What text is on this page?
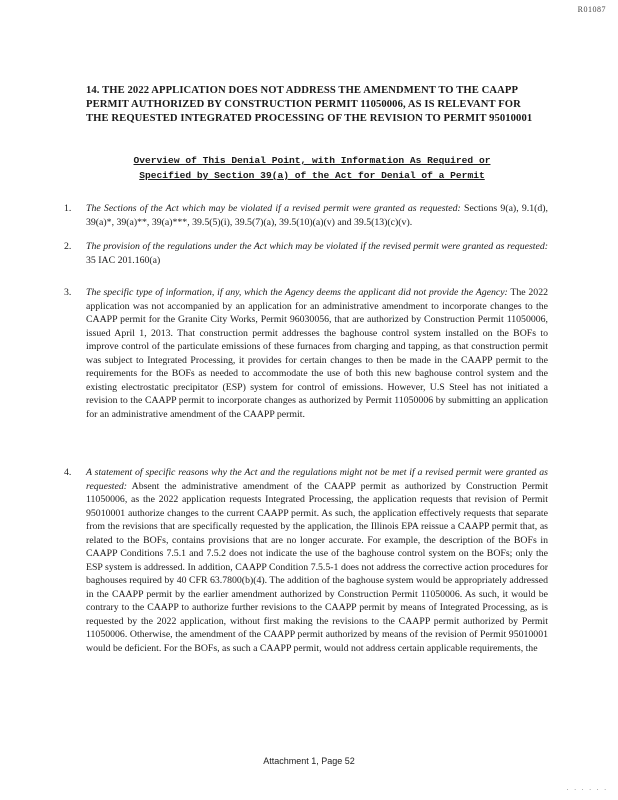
R01087
14. THE 2022 APPLICATION DOES NOT ADDRESS THE AMENDMENT TO THE CAAPP PERMIT AUTHORIZED BY CONSTRUCTION PERMIT 11050006, AS IS RELEVANT FOR THE REQUESTED INTEGRATED PROCESSING OF THE REVISION TO PERMIT 95010001
Overview of This Denial Point, with Information As Required or
Specified by Section 39(a) of the Act for Denial of a Permit
1. The Sections of the Act which may be violated if a revised permit were granted as requested: Sections 9(a), 9.1(d), 39(a)*, 39(a)**, 39(a)***, 39.5(5)(i), 39.5(7)(a), 39.5(10)(a)(v) and 39.5(13)(c)(v).
2. The provision of the regulations under the Act which may be violated if the revised permit were granted as requested: 35 IAC 201.160(a)
3. The specific type of information, if any, which the Agency deems the applicant did not provide the Agency: The 2022 application was not accompanied by an application for an administrative amendment to incorporate changes to the CAAPP permit for the Granite City Works, Permit 96030056, that are authorized by Construction Permit 11050006, issued April 1, 2013. That construction permit addresses the baghouse control system installed on the BOFs to improve control of the particulate emissions of these furnaces from charging and tapping, as that construction permit was subject to Integrated Processing, it provides for certain changes to then be made in the CAAPP permit to the requirements for the BOFs as needed to accommodate the use of both this new baghouse control system and the existing electrostatic precipitator (ESP) system for control of emissions. However, U.S Steel has not initiated a revision to the CAAPP permit to incorporate changes as authorized by Permit 11050006 by submitting an application for an administrative amendment of the CAAPP permit.
4. A statement of specific reasons why the Act and the regulations might not be met if a revised permit were granted as requested: Absent the administrative amendment of the CAAPP permit as authorized by Construction Permit 11050006, as the 2022 application requests Integrated Processing, the application requests that revision of Permit 95010001 authorize changes to the current CAAPP permit. As such, the application effectively requests that separate from the revisions that are specifically requested by the application, the Illinois EPA reissue a CAAPP permit that, as related to the BOFs, contains provisions that are no longer accurate. For example, the description of the BOFs in CAAPP Conditions 7.5.1 and 7.5.2 does not indicate the use of the baghouse control system on the BOFs; only the ESP system is addressed. In addition, CAAPP Condition 7.5.5-1 does not address the corrective action procedures for baghouses required by 40 CFR 63.7800(b)(4). The addition of the baghouse system would be appropriately addressed in the CAAPP permit by the earlier amendment authorized by Construction Permit 11050006. As such, it would be contrary to the CAAPP to authorize further revisions to the CAAPP permit by means of Integrated Processing, as is requested by the 2022 application, without first making the revisions to the CAAPP permit authorized by Permit 11050006. Otherwise, the amendment of the CAAPP permit authorized by means of the revision of Permit 95010001 would be deficient. For the BOFs, as such a CAAPP permit, would not address certain applicable requirements, the
Attachment 1, Page 52
. . . . . .
